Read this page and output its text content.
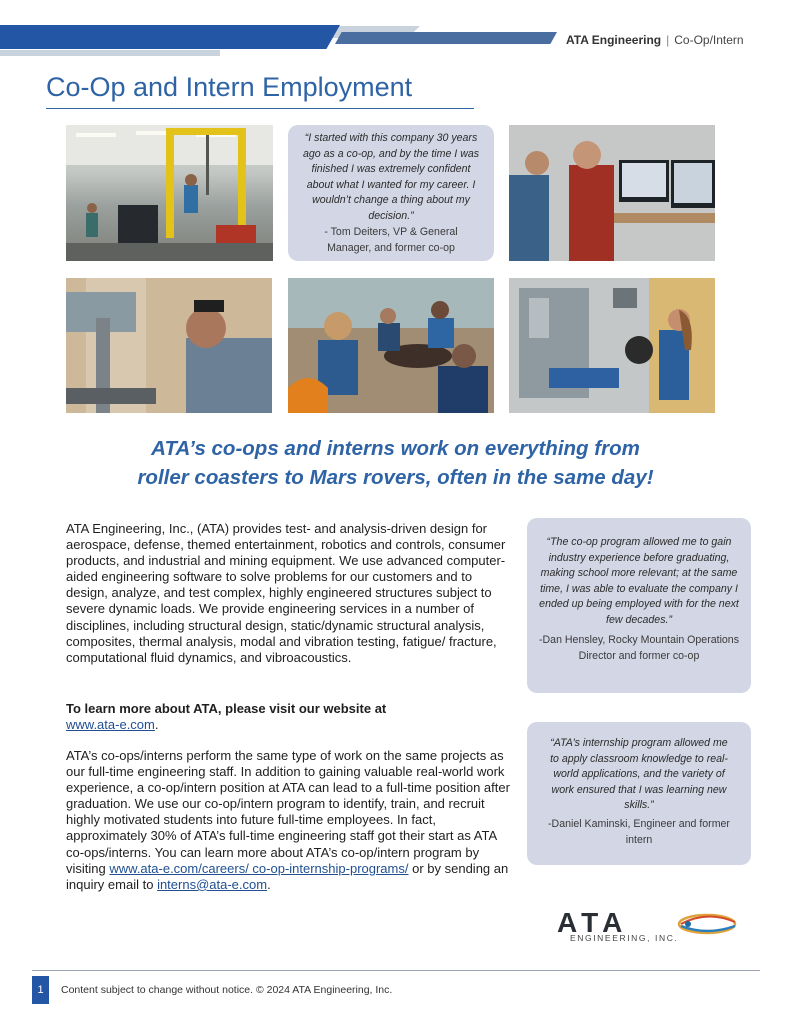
ATA Engineering | Co-Op/Intern
Co-Op and Intern Employment
“I started with this company 30 years ago as a co-op, and by the time I was finished I was extremely confident about what I wanted for my career. I wouldn’t change a thing about my decision.”
- Tom Deiters, VP & General Manager, and former co-op
ATA’s co-ops and interns work on everything from
roller coasters to Mars rovers, often in the same day!
ATA Engineering, Inc., (ATA) provides test- and analysis-driven design for aerospace, defense, themed entertainment, robotics and controls, consumer products, and industrial and mining equipment. We use advanced computer-aided engineering software to solve problems for our customers and to design, analyze, and test complex, highly engineered structures subject to severe dynamic loads. We provide engineering services in a number of disciplines, including structural design, static/dynamic structural analysis, composites, thermal analysis, modal and vibration testing, fatigue/ fracture, computational fluid dynamics, and vibroacoustics.
To learn more about ATA, please visit our website at
www.ata-e.com.
ATA’s co-ops/interns perform the same type of work on the same projects as our full-time engineering staff. In addition to gaining valuable real-world work experience, a co-op/intern position at ATA can lead to a full-time position after graduation. We use our co-op/intern program to identify, train, and recruit highly motivated students into future full-time employees. In fact, approximately 30% of ATA’s full-time engineering staff got their start as ATA co-ops/interns. You can learn more about ATA’s co-op/intern program by visiting www.ata-e.com/careers/ co-op-internship-programs/ or by sending an inquiry email to interns@ata-e.com.
“The co-op program allowed me to gain industry experience before graduating, making school more relevant; at the same time, I was able to evaluate the company I ended up being employed with for the next few decades.”
-Dan Hensley, Rocky Mountain Operations Director and former co-op
“ATA’s internship program allowed me to apply classroom knowledge to real-world applications, and the variety of work ensured that I was learning new skills.”
-Daniel Kaminski, Engineer and former intern
ATA
ENGINEERING, INC.
1	Content subject to change without notice. © 2024 ATA Engineering, Inc.
